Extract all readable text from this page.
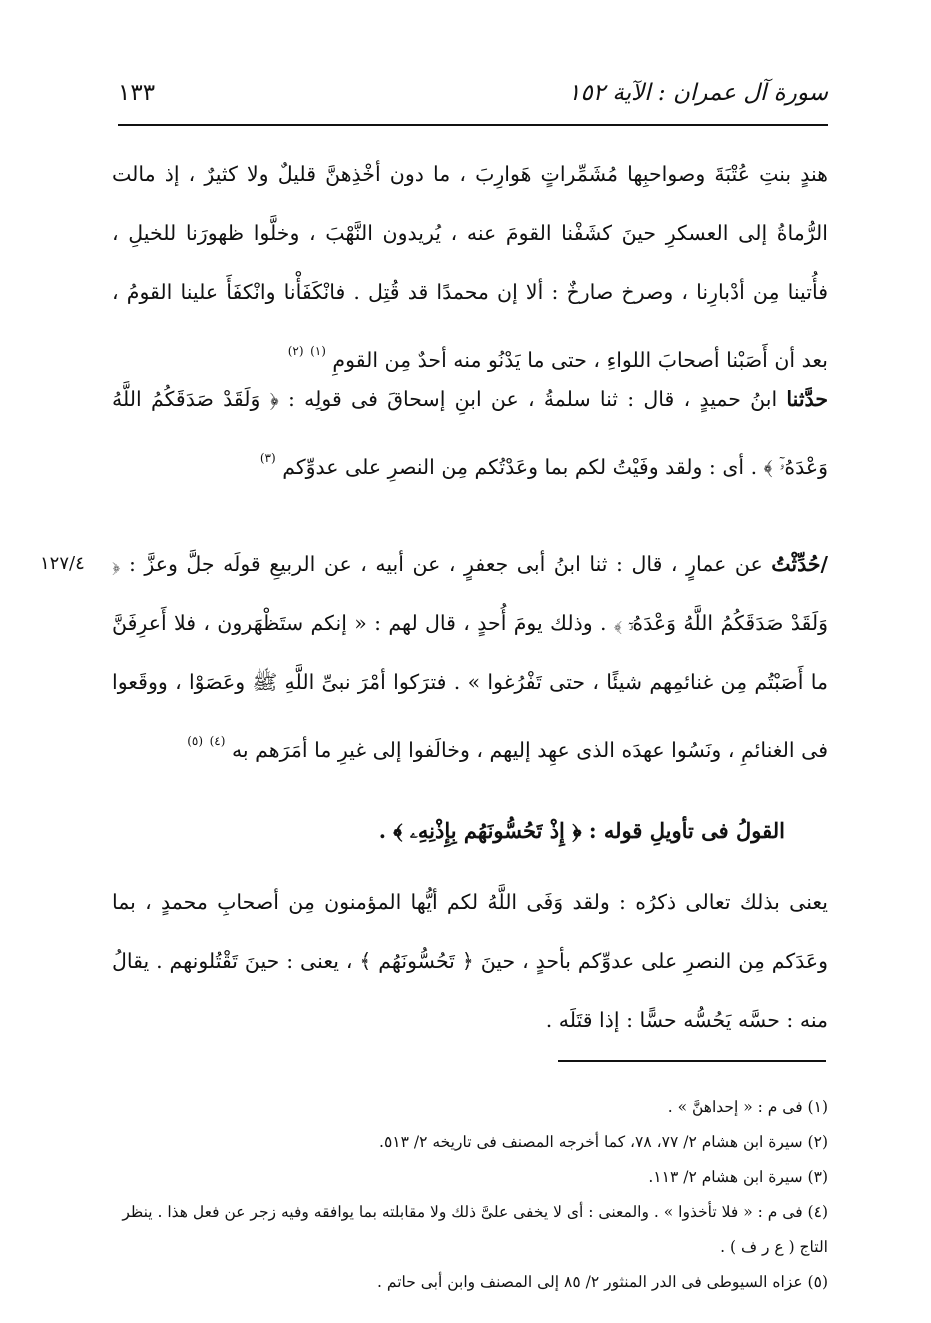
سورة آل عمران : الآية ١٥٢
١٣٣
هندٍ بنتِ عُتْبَةَ وصواحبِها مُشَمِّراتٍ هَوارِبَ ، ما دون أخْذِهنَّ قليلٌ ولا كثيرٌ ، إذ مالت الرُّماةُ إلى العسكرِ حينَ كشَفْنا القومَ عنه ، يُريدون النَّهْبَ ، وخلَّوا ظهورَنا للخيلِ ، فأُتينا مِن أدْبارِنا ، وصرخ صارخٌ : ألا إن محمدًا قد قُتِل . فانْكَفَأْنا وانْكفَأَ علينا القومُ ، بعد أن أَصَبْنا أصحابَ اللواءِ ، حتى ما يَدْنُو منه أحدٌ مِن القومِ $^{(١)}$ $^{(٢)}$
حدَّثنا ابنُ حميدٍ ، قال : ثنا سلمةُ ، عن ابنِ إسحاقَ فى قولِه : ﴿ وَلَقَدْ صَدَقَكُمُ اللَّهُ وَعْدَهُۥٓ ﴾ . أى : ولقد وفَيْتُ لكم بما وعَدْتُكم مِن النصرِ على عدوِّكم $^{(٣)}$
١٢٧/٤	/حُدِّثْتُ عن عمارٍ ، قال : ثنا ابنُ أبى جعفرٍ ، عن أبيه ، عن الربيعِ قولَه جلَّ وعزَّ : ﴿ وَلَقَدْ صَدَقَكُمُ اللَّهُ وَعْدَهُۥٓ ﴾ . وذلك يومَ أُحدٍ ، قال لهم : « إنكم ستَظْهَرون ، فلا أَعرِفَنَّ ما أَصَبْتُم مِن غنائمِهم شيئًا ، حتى تَفْرُغوا » . فترَكوا أمْرَ نبىِّ اللَّهِ ﷺ وعَصَوْا ، ووقَعوا فى الغنائمِ ، ونَسُوا عهدَه الذى عهِد إليهم ، وخالَفوا إلى غيرِ ما أمَرَهم به $^{(٤)}$ $^{(٥)}$
القولُ فى تأويلِ قوله : ﴿ إِذْ تَحُسُّونَهُم بِإِذْنِهِۦ ﴾ .
يعنى بذلك تعالى ذكرُه : ولقد وَفَى اللَّهُ لكم أيُّها المؤمنون مِن أصحابِ محمدٍ ، بما وعَدَكم مِن النصرِ على عدوِّكم بأحدٍ ، حينَ ﴿ تَحُسُّونَهُم ﴾ ، يعنى : حينَ تَقْتُلونهم . يقالُ منه : حسَّه يَحُسُّه حسًّا : إذا قتَلَه .
(١) فى م : « إحداهنَّ » .
(٢) سيرة ابن هشام ٢/ ٧٧، ٧٨، كما أخرجه المصنف فى تاريخه ٢/ ٥١٣.
(٣) سيرة ابن هشام ٢/ ١١٣.
(٤) فى م : « فلا تأخذوا » . والمعنى : أى لا يخفى علىَّ ذلك ولا مقابلته بما يوافقه وفيه زجر عن فعل هذا . ينظر التاج ( ع ر ف ) .
(٥) عزاه السيوطى فى الدر المنثور ٢/ ٨٥ إلى المصنف وابن أبى حاتم .
